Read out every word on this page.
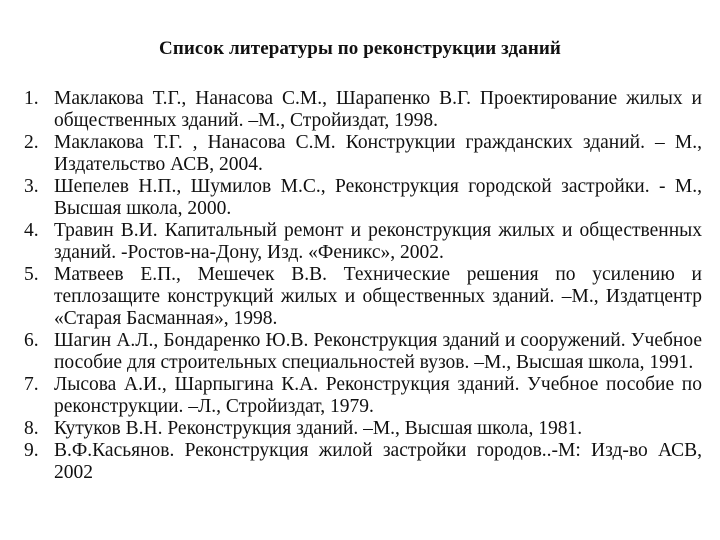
Список литературы по реконструкции зданий
1. Маклакова Т.Г., Нанасова С.М., Шарапенко В.Г. Проектирование жилых и общественных зданий. –М., Стройиздат, 1998.
2. Маклакова Т.Г. , Нанасова С.М. Конструкции гражданских зданий. – М., Издательство АСВ, 2004.
3. Шепелев Н.П., Шумилов М.С., Реконструкция городской застройки. - М., Высшая школа, 2000.
4. Травин В.И. Капитальный ремонт и реконструкция жилых и общественных зданий. -Ростов-на-Дону, Изд. «Феникс», 2002.
5. Матвеев Е.П., Мешечек В.В. Технические решения по усилению и теплозащите конструкций жилых и общественных зданий. –М., Издатцентр «Старая Басманная», 1998.
6. Шагин А.Л., Бондаренко Ю.В. Реконструкция зданий и сооружений. Учебное пособие для строительных специальностей вузов. –М., Высшая школа, 1991.
7. Лысова А.И., Шарпыгина К.А. Реконструкция зданий. Учебное пособие по реконструкции. –Л., Стройиздат, 1979.
8. Кутуков В.Н. Реконструкция зданий. –М., Высшая школа, 1981.
9. В.Ф.Касьянов. Реконструкция жилой застройки городов..-М: Изд-во АСВ, 2002
